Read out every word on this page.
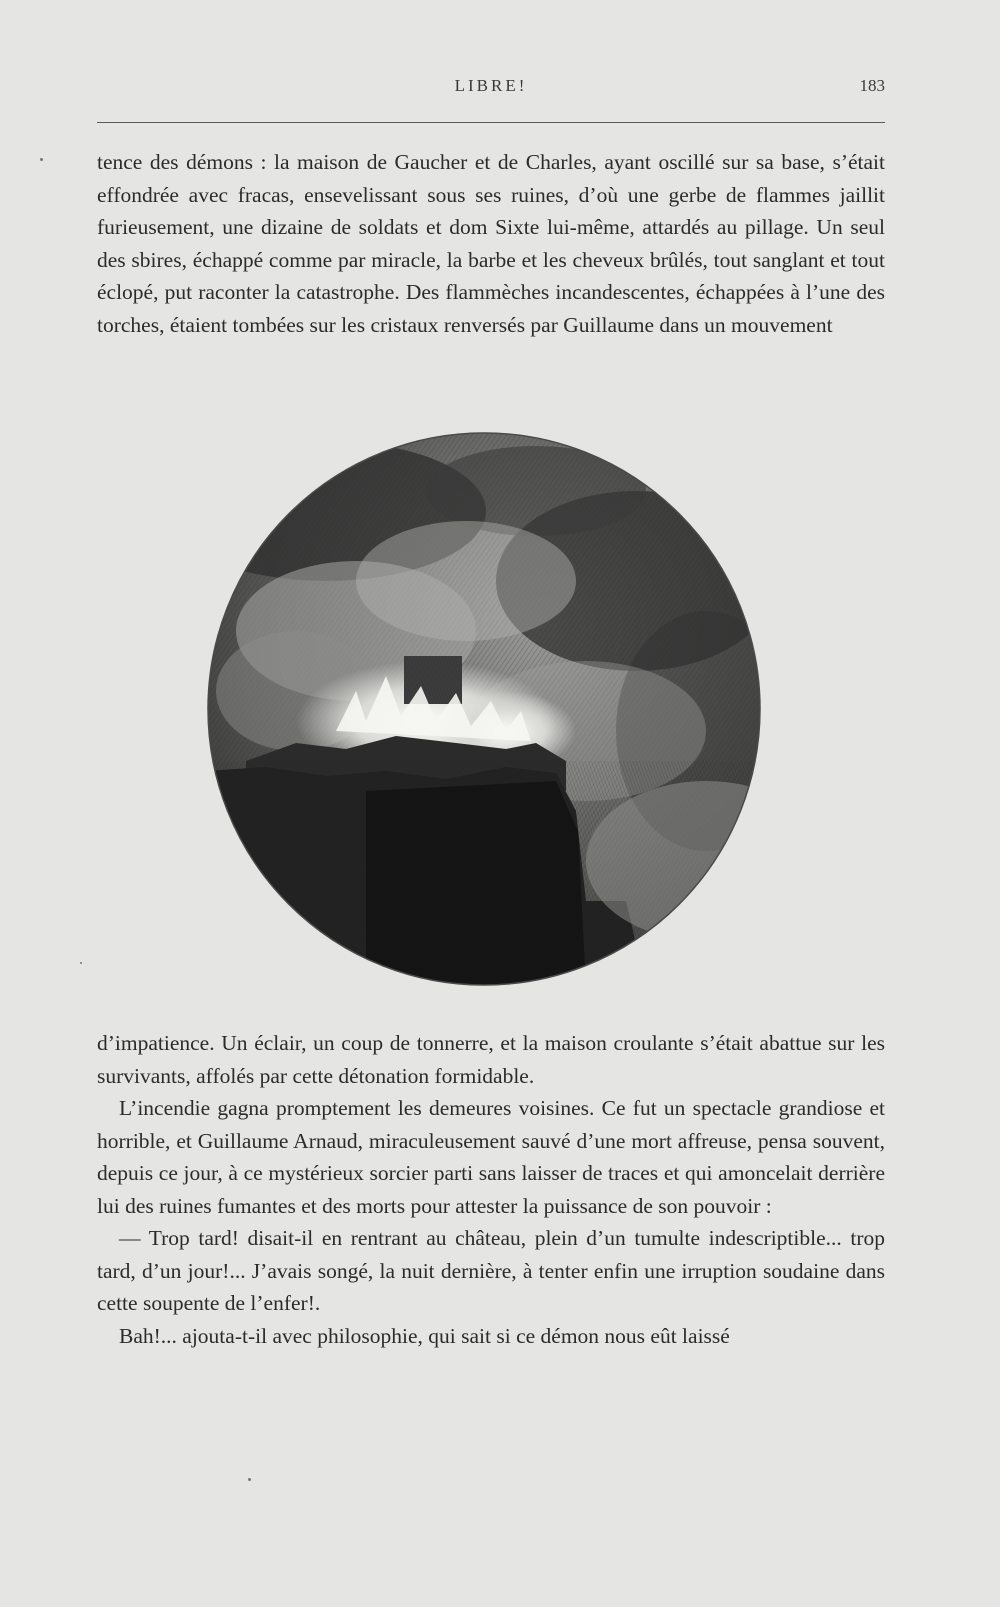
LIBRE!	183

tence des démons : la maison de Gaucher et de Charles, ayant oscillé sur sa base, s’était effondrée avec fracas, ensevelissant sous ses ruines, d’où une gerbe de flammes jaillit furieusement, une dizaine de soldats et dom Sixte lui-même, attardés au pillage. Un seul des sbires, échappé comme par miracle, la barbe et les cheveux brûlés, tout sanglant et tout éclopé, put raconter la catastrophe. Des flammèches incandescentes, échappées à l’une des torches, étaient tombées sur les cristaux renversés par Guillaume dans un mouvement

d’impatience. Un éclair, un coup de tonnerre, et la maison croulante s’était abattue sur les survivants, affolés par cette détonation formidable.

L’incendie gagna promptement les demeures voisines. Ce fut un spectacle grandiose et horrible, et Guillaume Arnaud, miraculeusement sauvé d’une mort affreuse, pensa souvent, depuis ce jour, à ce mystérieux sorcier parti sans laisser de traces et qui amoncelait derrière lui des ruines fumantes et des morts pour attester la puissance de son pouvoir :

— Trop tard! disait-il en rentrant au château, plein d’un tumulte indescriptible... trop tard, d’un jour!... J’avais songé, la nuit dernière, à tenter enfin une irruption soudaine dans cette soupente de l’enfer!.

Bah!... ajouta-t-il avec philosophie, qui sait si ce démon nous eût laissé
